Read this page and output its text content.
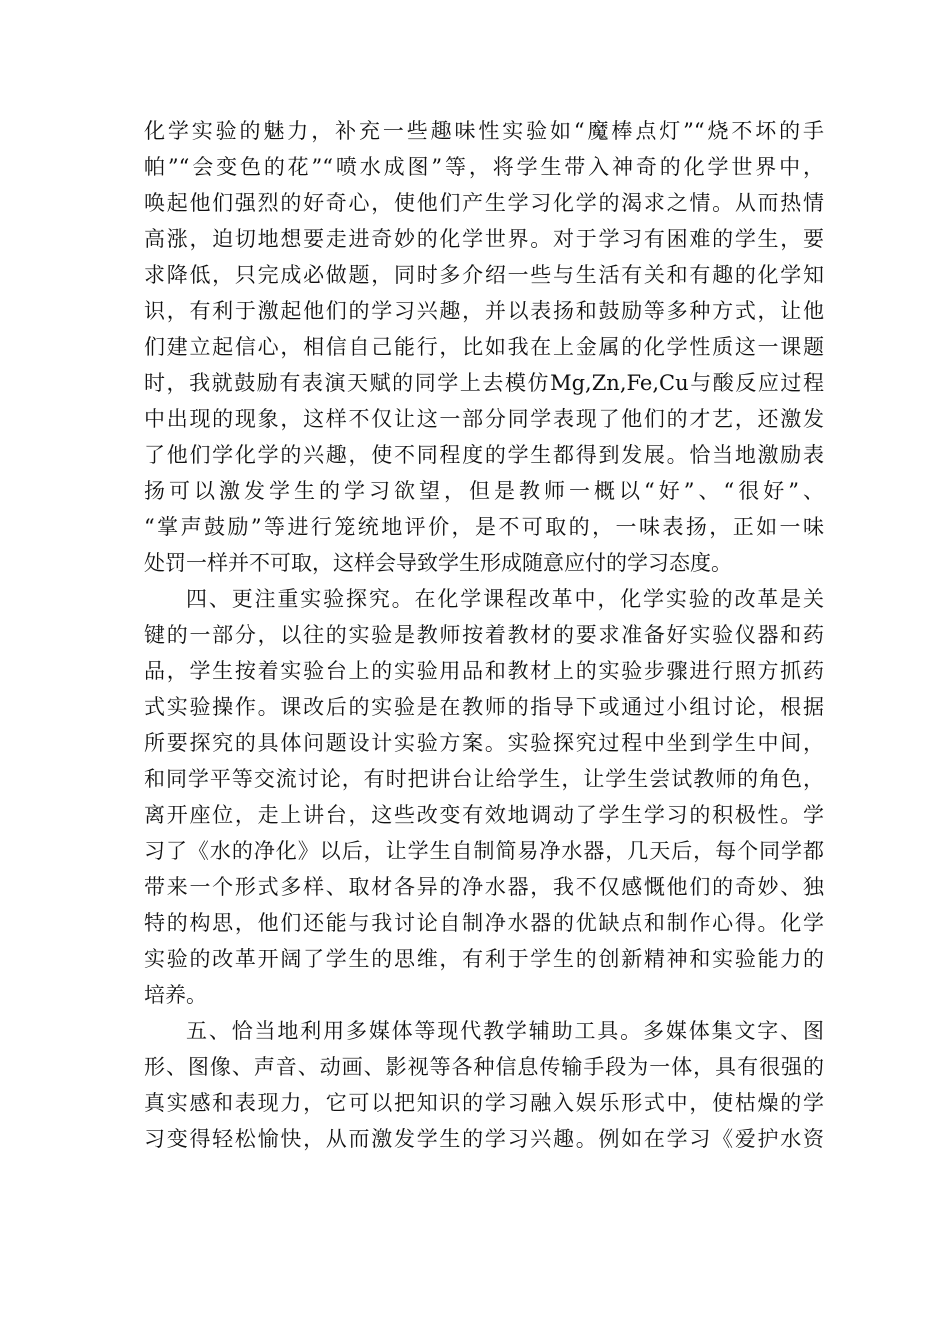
化学实验的魅力，补充一些趣味性实验如“魔棒点灯”“烧不坏的手
帕”“会变色的花”“喷水成图”等，将学生带入神奇的化学世界中，
唤起他们强烈的好奇心，使他们产生学习化学的渴求之情。从而热情
高涨，迫切地想要走进奇妙的化学世界。对于学习有困难的学生，要
求降低，只完成必做题，同时多介绍一些与生活有关和有趣的化学知
识，有利于激起他们的学习兴趣，并以表扬和鼓励等多种方式，让他
们建立起信心，相信自己能行，比如我在上金属的化学性质这一课题
时，我就鼓励有表演天赋的同学上去模仿Mg,Zn,Fe,Cu与酸反应过程
中出现的现象，这样不仅让这一部分同学表现了他们的才艺，还激发
了他们学化学的兴趣，使不同程度的学生都得到发展。恰当地激励表
扬可以激发学生的学习欲望，但是教师一概以“好”、“很好”、
“掌声鼓励”等进行笼统地评价，是不可取的，一味表扬，正如一味
处罚一样并不可取，这样会导致学生形成随意应付的学习态度。
四、更注重实验探究。在化学课程改革中，化学实验的改革是关
键的一部分，以往的实验是教师按着教材的要求准备好实验仪器和药
品，学生按着实验台上的实验用品和教材上的实验步骤进行照方抓药
式实验操作。课改后的实验是在教师的指导下或通过小组讨论，根据
所要探究的具体问题设计实验方案。实验探究过程中坐到学生中间，
和同学平等交流讨论，有时把讲台让给学生，让学生尝试教师的角色，
离开座位，走上讲台，这些改变有效地调动了学生学习的积极性。学
习了《水的净化》以后，让学生自制简易净水器，几天后，每个同学都
带来一个形式多样、取材各异的净水器，我不仅感慨他们的奇妙、独
特的构思，他们还能与我讨论自制净水器的优缺点和制作心得。化学
实验的改革开阔了学生的思维，有利于学生的创新精神和实验能力的
培养。
五、恰当地利用多媒体等现代教学辅助工具。多媒体集文字、图
形、图像、声音、动画、影视等各种信息传输手段为一体，具有很强的
真实感和表现力，它可以把知识的学习融入娱乐形式中，使枯燥的学
习变得轻松愉快，从而激发学生的学习兴趣。例如在学习《爱护水资
